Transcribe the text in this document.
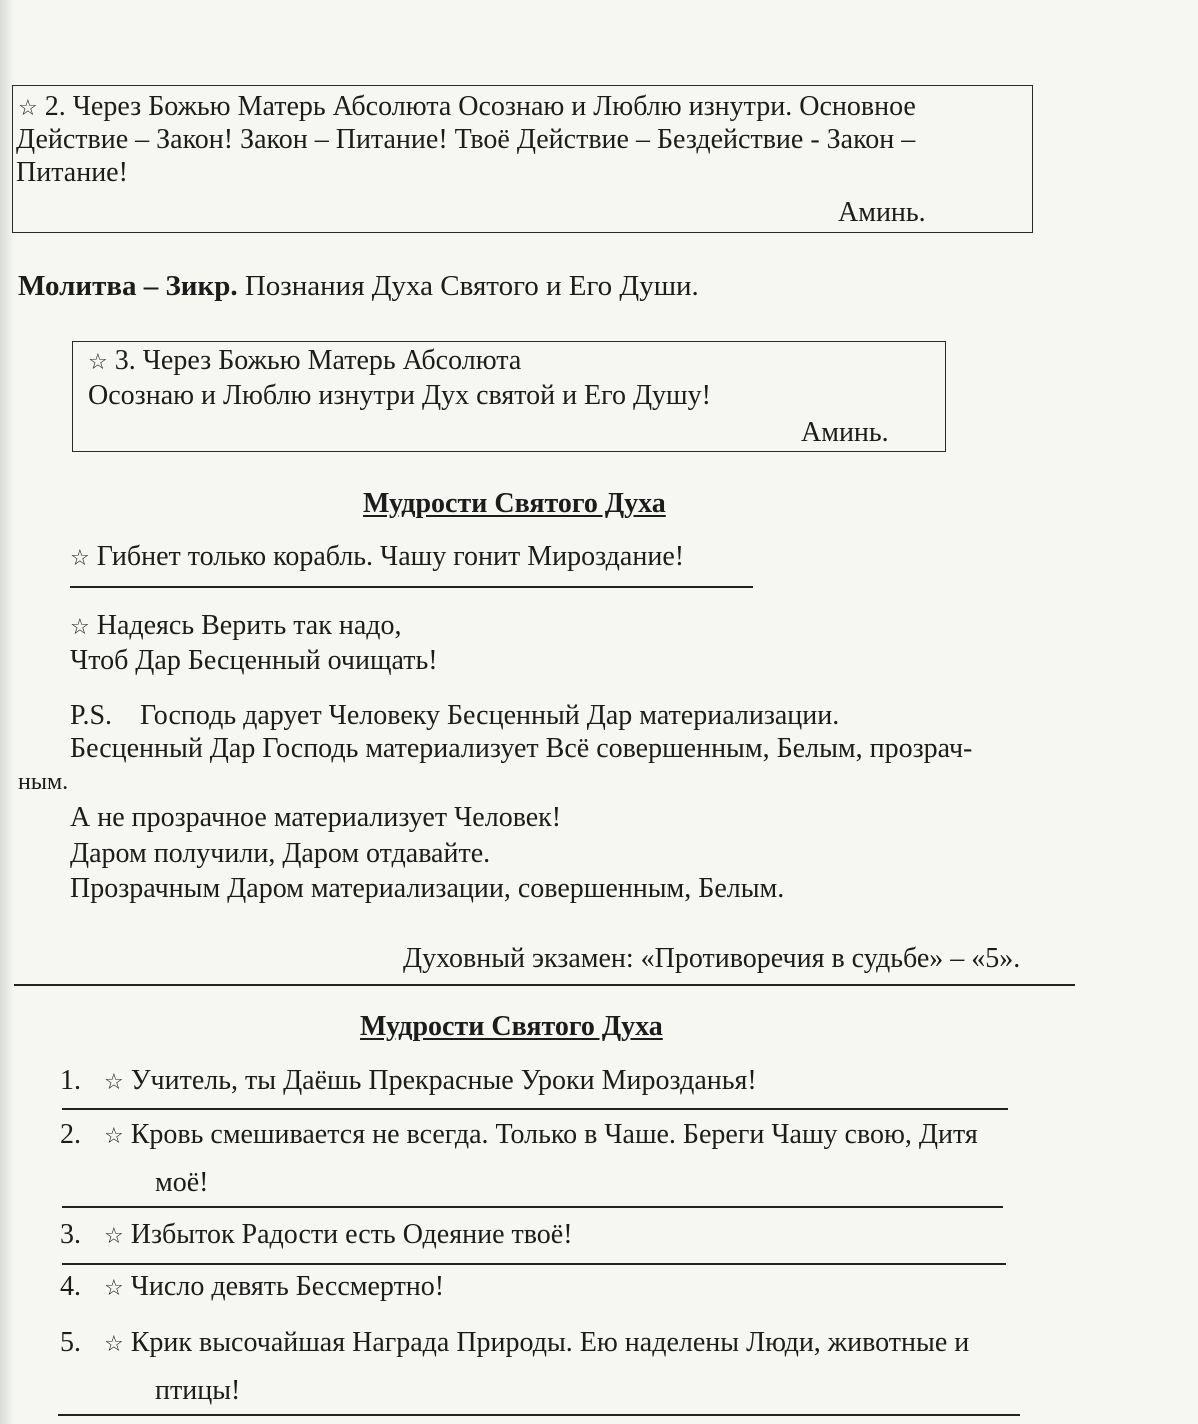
☆ 2. Через Божью Матерь Абсолюта Осознаю и Люблю изнутри. Основное
Действие – Закон! Закон – Питание! Твоё Действие – Бездействие - Закон –
Питание!
Аминь.
Молитва – Зикр. Познания Духа Святого и Его Души.
☆ 3. Через Божью Матерь Абсолюта
Осознаю и Люблю изнутри Дух святой и Его Душу!
Аминь.
Мудрости Святого Духа
☆ Гибнет только корабль. Чашу гонит Мироздание!
☆ Надеясь Верить так надо,
Чтоб Дар Бесценный очищать!
P.S.    Господь дарует Человеку Бесценный Дар материализации.
Бесценный Дар Господь материализует Всё совершенным, Белым, прозрач-
ным.
А не прозрачное материализует Человек!
Даром получили, Даром отдавайте.
Прозрачным Даром материализации, совершенным, Белым.
Духовный экзамен: «Противоречия в судьбе» – «5».
Мудрости Святого Духа
1. ☆ Учитель, ты Даёшь Прекрасные Уроки Мирозданья!
2. ☆ Кровь смешивается не всегда. Только в Чаше. Береги Чашу свою, Дитя
моё!
3. ☆ Избыток Радости есть Одеяние твоё!
4. ☆ Число девять Бессмертно!
5. ☆ Крик высочайшая Награда Природы. Ею наделены Люди, животные и
птицы!
